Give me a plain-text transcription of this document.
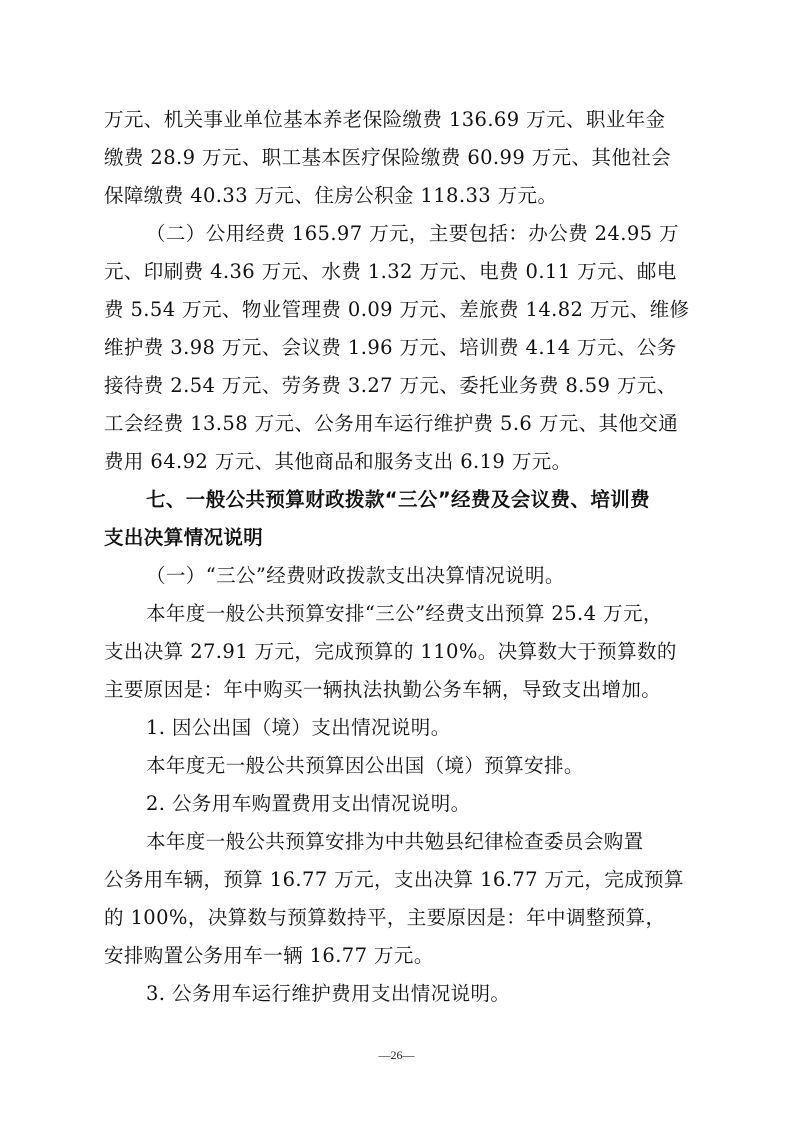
万元、机关事业单位基本养老保险缴费 136.69 万元、职业年金
缴费 28.9 万元、职工基本医疗保险缴费 60.99 万元、其他社会
保障缴费 40.33 万元、住房公积金 118.33 万元。
（二）公用经费 165.97 万元，主要包括：办公费 24.95 万
元、印刷费 4.36 万元、水费 1.32 万元、电费 0.11 万元、邮电
费 5.54 万元、物业管理费 0.09 万元、差旅费 14.82 万元、维修
维护费 3.98 万元、会议费 1.96 万元、培训费 4.14 万元、公务
接待费 2.54 万元、劳务费 3.27 万元、委托业务费 8.59 万元、
工会经费 13.58 万元、公务用车运行维护费 5.6 万元、其他交通
费用 64.92 万元、其他商品和服务支出 6.19 万元。
七、一般公共预算财政拨款“三公”经费及会议费、培训费
支出决算情况说明
（一）“三公”经费财政拨款支出决算情况说明。
本年度一般公共预算安排“三公”经费支出预算 25.4 万元，
支出决算 27.91 万元，完成预算的 110%。决算数大于预算数的
主要原因是：年中购买一辆执法执勤公务车辆，导致支出增加。
1. 因公出国（境）支出情况说明。
本年度无一般公共预算因公出国（境）预算安排。
2. 公务用车购置费用支出情况说明。
本年度一般公共预算安排为中共勉县纪律检查委员会购置
公务用车辆，预算 16.77 万元，支出决算 16.77 万元，完成预算
的 100%，决算数与预算数持平，主要原因是：年中调整预算，
安排购置公务用车一辆 16.77 万元。
3. 公务用车运行维护费用支出情况说明。
—26—
